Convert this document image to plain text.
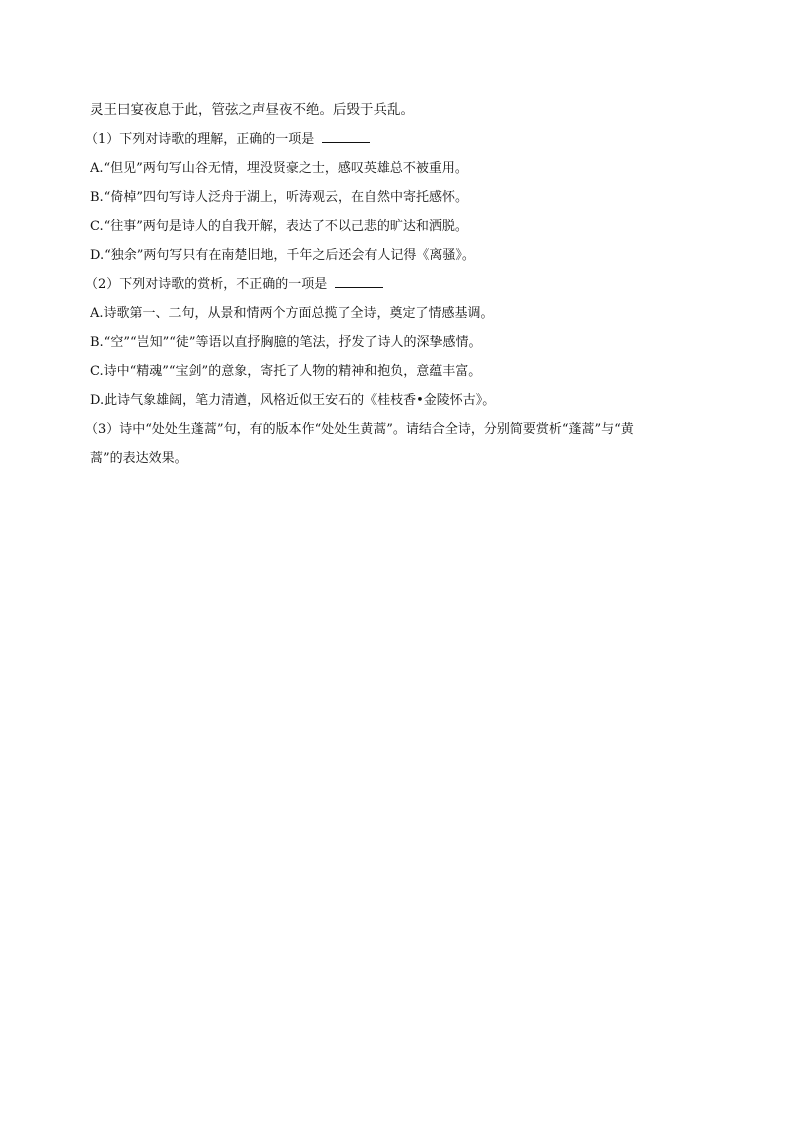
灵王曰宴夜息于此，管弦之声昼夜不绝。后毁于兵乱。
（1）下列对诗歌的理解，正确的一项是
A.“但见”两句写山谷无情，埋没贤豪之士，感叹英雄总不被重用。
B.“倚棹”四句写诗人泛舟于湖上，听涛观云，在自然中寄托感怀。
C.“往事”两句是诗人的自我开解，表达了不以己悲的旷达和洒脱。
D.“独余”两句写只有在南楚旧地，千年之后还会有人记得《离骚》。
（2）下列对诗歌的赏析，不正确的一项是
A.诗歌第一、二句，从景和情两个方面总揽了全诗，奠定了情感基调。
B.“空”“岂知”“徒”等语以直抒胸臆的笔法，抒发了诗人的深挚感情。
C.诗中“精魂”“宝剑”的意象，寄托了人物的精神和抱负，意蕴丰富。
D.此诗气象雄阔，笔力清遒，风格近似王安石的《桂枝香•金陵怀古》。
（3）诗中“处处生蓬蒿”句，有的版本作“处处生黄蒿”。请结合全诗，分别简要赏析“蓬蒿”与“黄
蒿”的表达效果。
